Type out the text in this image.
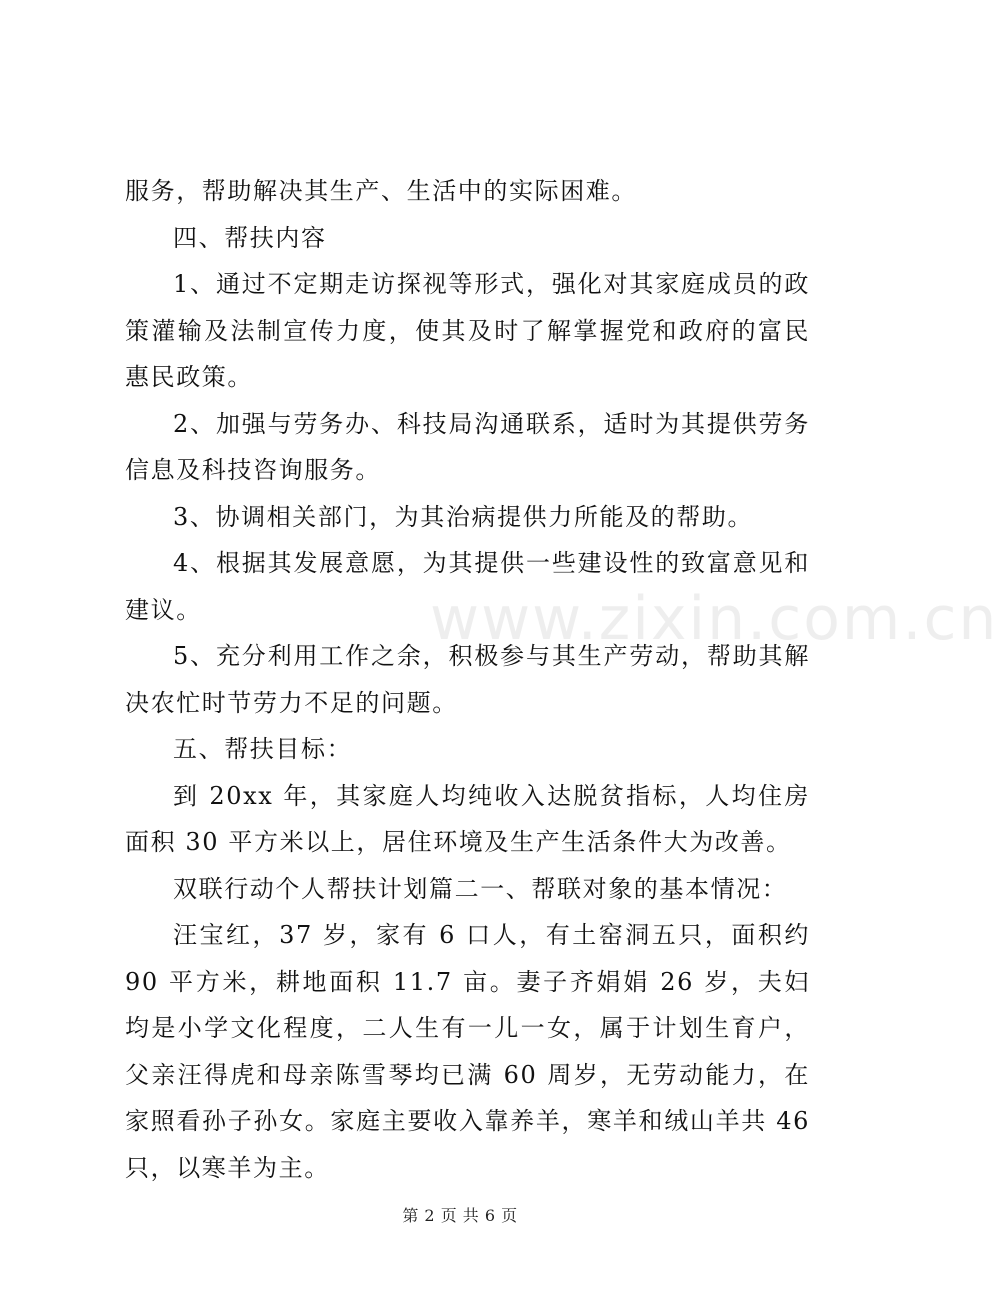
www.zixin.com.cn

服务，帮助解决其生产、生活中的实际困难。

四、帮扶内容

1、通过不定期走访探视等形式，强化对其家庭成员的政策灌输及法制宣传力度，使其及时了解掌握党和政府的富民惠民政策。

2、加强与劳务办、科技局沟通联系，适时为其提供劳务信息及科技咨询服务。

3、协调相关部门，为其治病提供力所能及的帮助。

4、根据其发展意愿，为其提供一些建设性的致富意见和建议。

5、充分利用工作之余，积极参与其生产劳动，帮助其解决农忙时节劳力不足的问题。

五、帮扶目标：

到 20xx 年，其家庭人均纯收入达脱贫指标，人均住房面积 30 平方米以上，居住环境及生产生活条件大为改善。

双联行动个人帮扶计划篇二一、帮联对象的基本情况：

汪宝红，37 岁，家有 6 口人，有土窑洞五只，面积约 90 平方米，耕地面积 11.7 亩。妻子齐娟娟 26 岁，夫妇均是小学文化程度，二人生有一儿一女，属于计划生育户，父亲汪得虎和母亲陈雪琴均已满 60 周岁，无劳动能力，在家照看孙子孙女。家庭主要收入靠养羊，寒羊和绒山羊共 46 只，以寒羊为主。

第 2 页 共 6 页
